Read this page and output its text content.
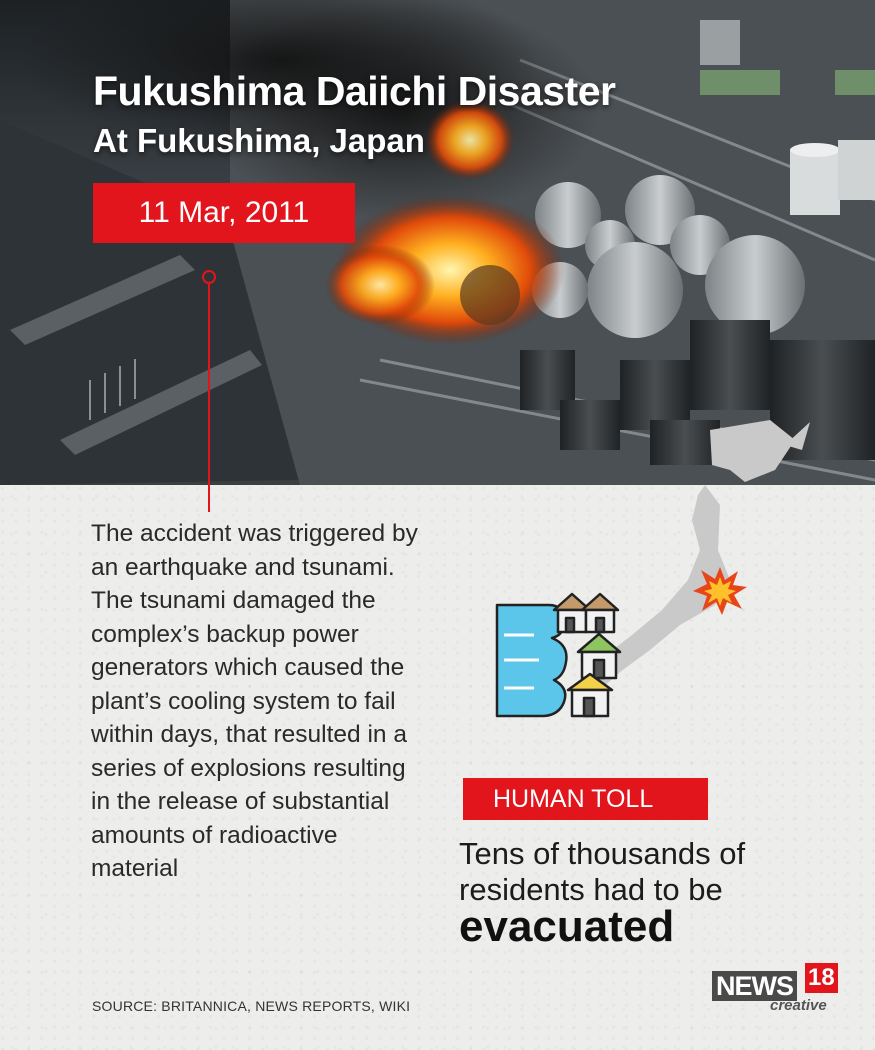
Fukushima Daiichi Disaster
At Fukushima, Japan
11 Mar, 2011

The accident was triggered by an earthquake and tsunami. The tsunami damaged the complex’s backup power generators which caused the plant’s cooling system to fail within days, that resulted in a series of explosions resulting in the release of substantial amounts of radioactive material

HUMAN TOLL

Tens of thousands of residents had to be

evacuated

SOURCE: BRITANNICA, NEWS REPORTS, WIKI

NEWS 18
creative
